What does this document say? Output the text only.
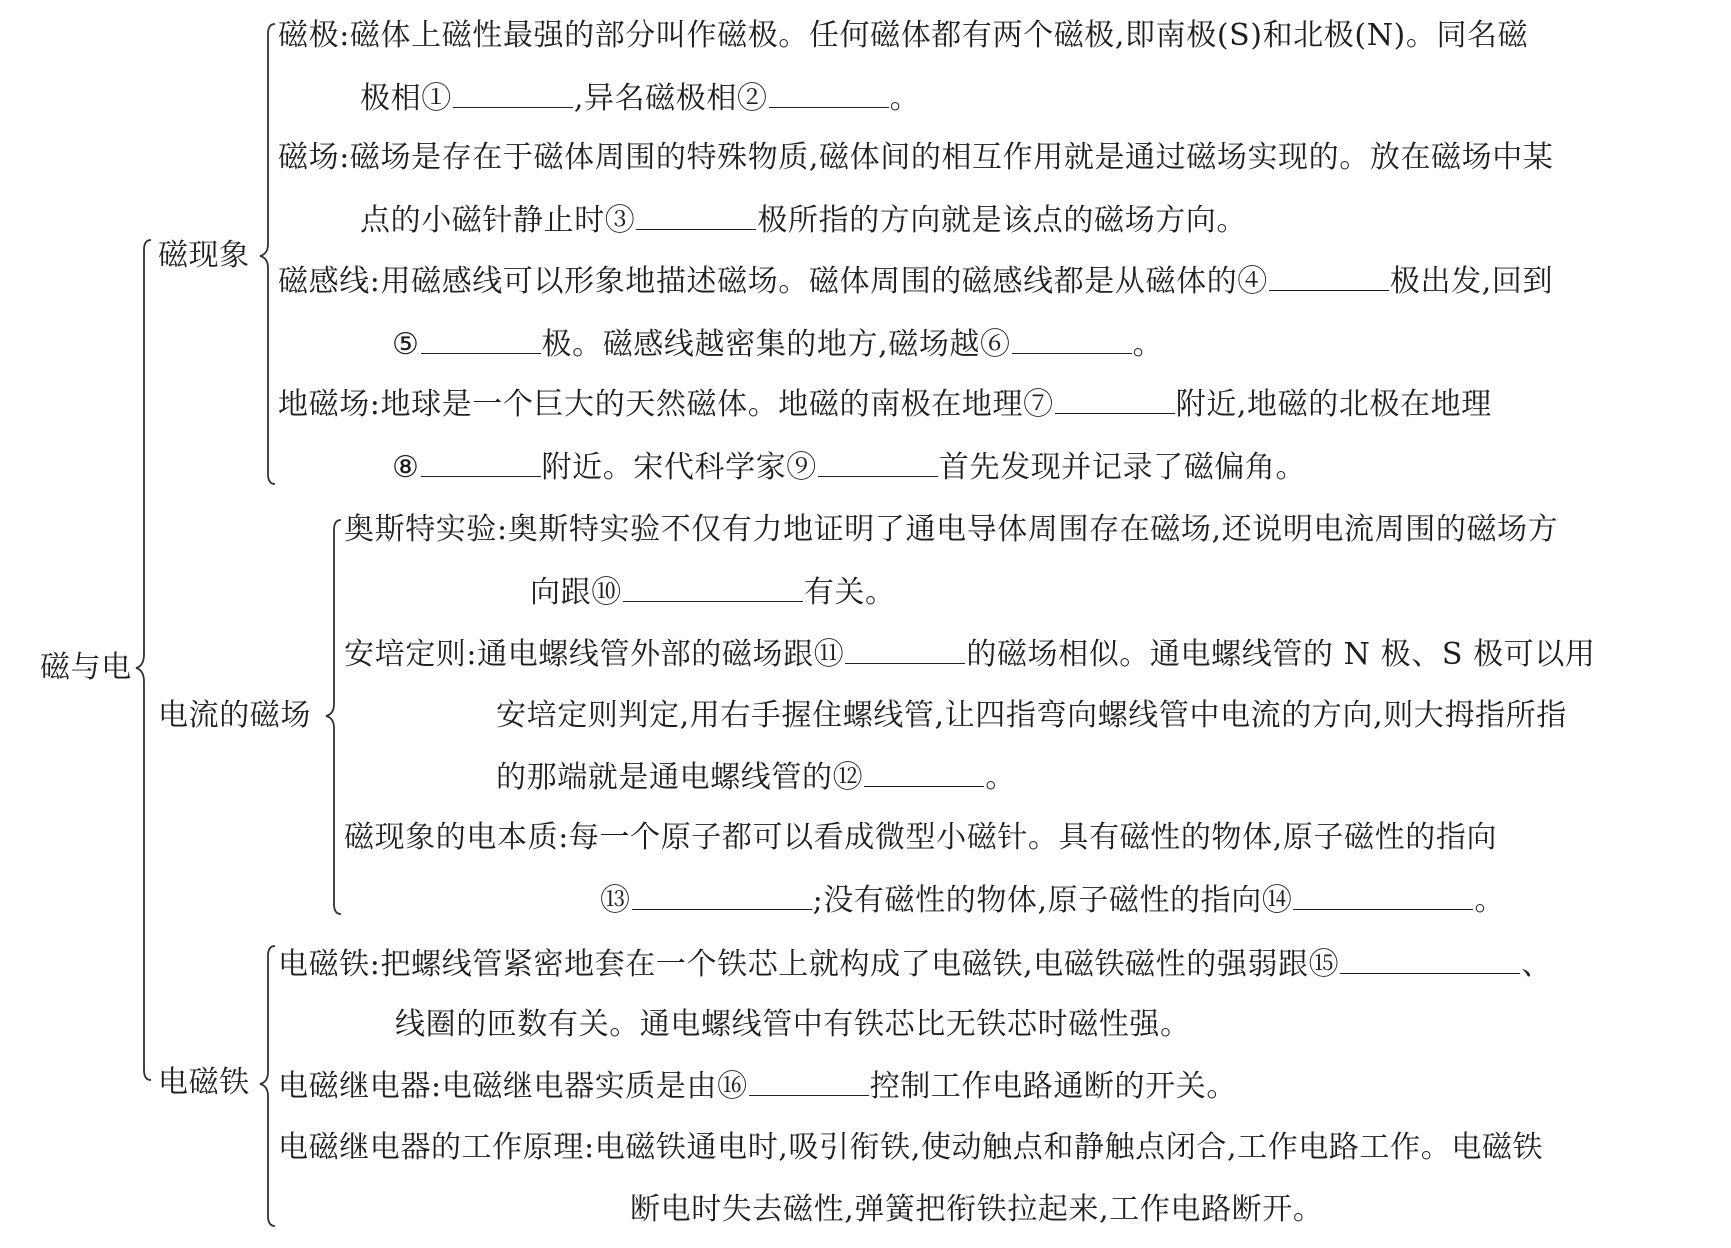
磁与电
磁现象
电流的磁场
电磁铁
磁极:磁体上磁性最强的部分叫作磁极。任何磁体都有两个磁极,即南极(S)和北极(N)。同名磁
极相①	,异名磁极相②	。
磁场:磁场是存在于磁体周围的特殊物质,磁体间的相互作用就是通过磁场实现的。放在磁场中某
点的小磁针静止时③	极所指的方向就是该点的磁场方向。
磁感线:用磁感线可以形象地描述磁场。磁体周围的磁感线都是从磁体的④	极出发,回到
⑤	极。磁感线越密集的地方,磁场越⑥	。
地磁场:地球是一个巨大的天然磁体。地磁的南极在地理⑦	附近,地磁的北极在地理
⑧	附近。宋代科学家⑨	首先发现并记录了磁偏角。
奥斯特实验:奥斯特实验不仅有力地证明了通电导体周围存在磁场,还说明电流周围的磁场方
向跟⑩	有关。
安培定则:通电螺线管外部的磁场跟⑪	的磁场相似。通电螺线管的 N 极、S 极可以用
安培定则判定,用右手握住螺线管,让四指弯向螺线管中电流的方向,则大拇指所指
的那端就是通电螺线管的⑫	。
磁现象的电本质:每一个原子都可以看成微型小磁针。具有磁性的物体,原子磁性的指向
⑬	;没有磁性的物体,原子磁性的指向⑭	。
电磁铁:把螺线管紧密地套在一个铁芯上就构成了电磁铁,电磁铁磁性的强弱跟⑮	、
线圈的匝数有关。通电螺线管中有铁芯比无铁芯时磁性强。
电磁继电器:电磁继电器实质是由⑯	控制工作电路通断的开关。
电磁继电器的工作原理:电磁铁通电时,吸引衔铁,使动触点和静触点闭合,工作电路工作。电磁铁
断电时失去磁性,弹簧把衔铁拉起来,工作电路断开。
